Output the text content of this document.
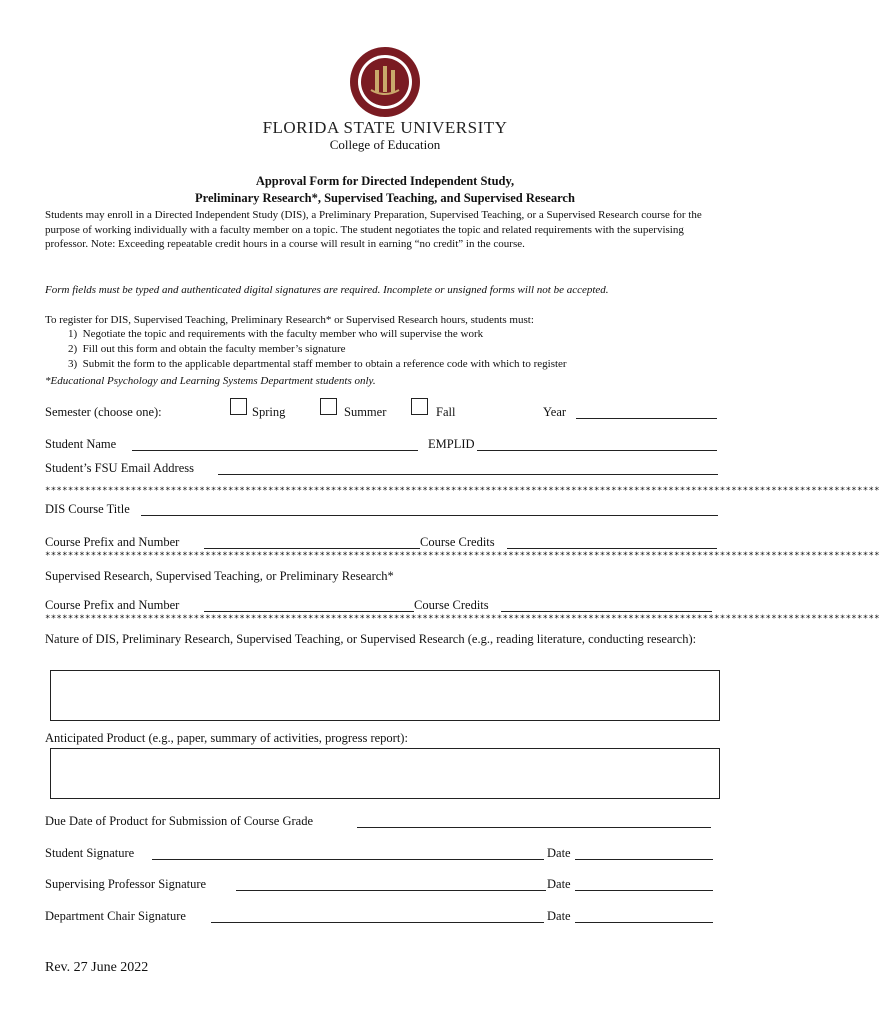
FLORIDA STATE UNIVERSITY
College of Education
Approval Form for Directed Independent Study,
Preliminary Research*, Supervised Teaching, and Supervised Research
Students may enroll in a Directed Independent Study (DIS), a Preliminary Preparation, Supervised Teaching, or a Supervised Research course for the purpose of working individually with a faculty member on a topic. The student negotiates the topic and related requirements with the supervising professor. Note: Exceeding repeatable credit hours in a course will result in earning “no credit” in the course.
Form fields must be typed and authenticated digital signatures are required. Incomplete or unsigned forms will not be accepted.
To register for DIS, Supervised Teaching, Preliminary Research* or Supervised Research hours, students must:
1)  Negotiate the topic and requirements with the faculty member who will supervise the work
2)  Fill out this form and obtain the faculty member’s signature
3)  Submit the form to the applicable departmental staff member to obtain a reference code with which to register
*Educational Psychology and Learning Systems Department students only.
Semester (choose one):	Spring	Summer	Fall	Year
Student Name	EMPLID
Student’s FSU Email Address
**************************************************************************************************************************************************
DIS Course Title
Course Prefix and Number	Course Credits
**************************************************************************************************************************************************
Supervised Research, Supervised Teaching, or Preliminary Research*
Course Prefix and Number	Course Credits
**************************************************************************************************************************************************
Nature of DIS, Preliminary Research, Supervised Teaching, or Supervised Research (e.g., reading literature, conducting research):
Anticipated Product (e.g., paper, summary of activities, progress report):
Due Date of Product for Submission of Course Grade
Student Signature	Date
Supervising Professor Signature	Date
Department Chair Signature	Date
Rev. 27 June 2022
